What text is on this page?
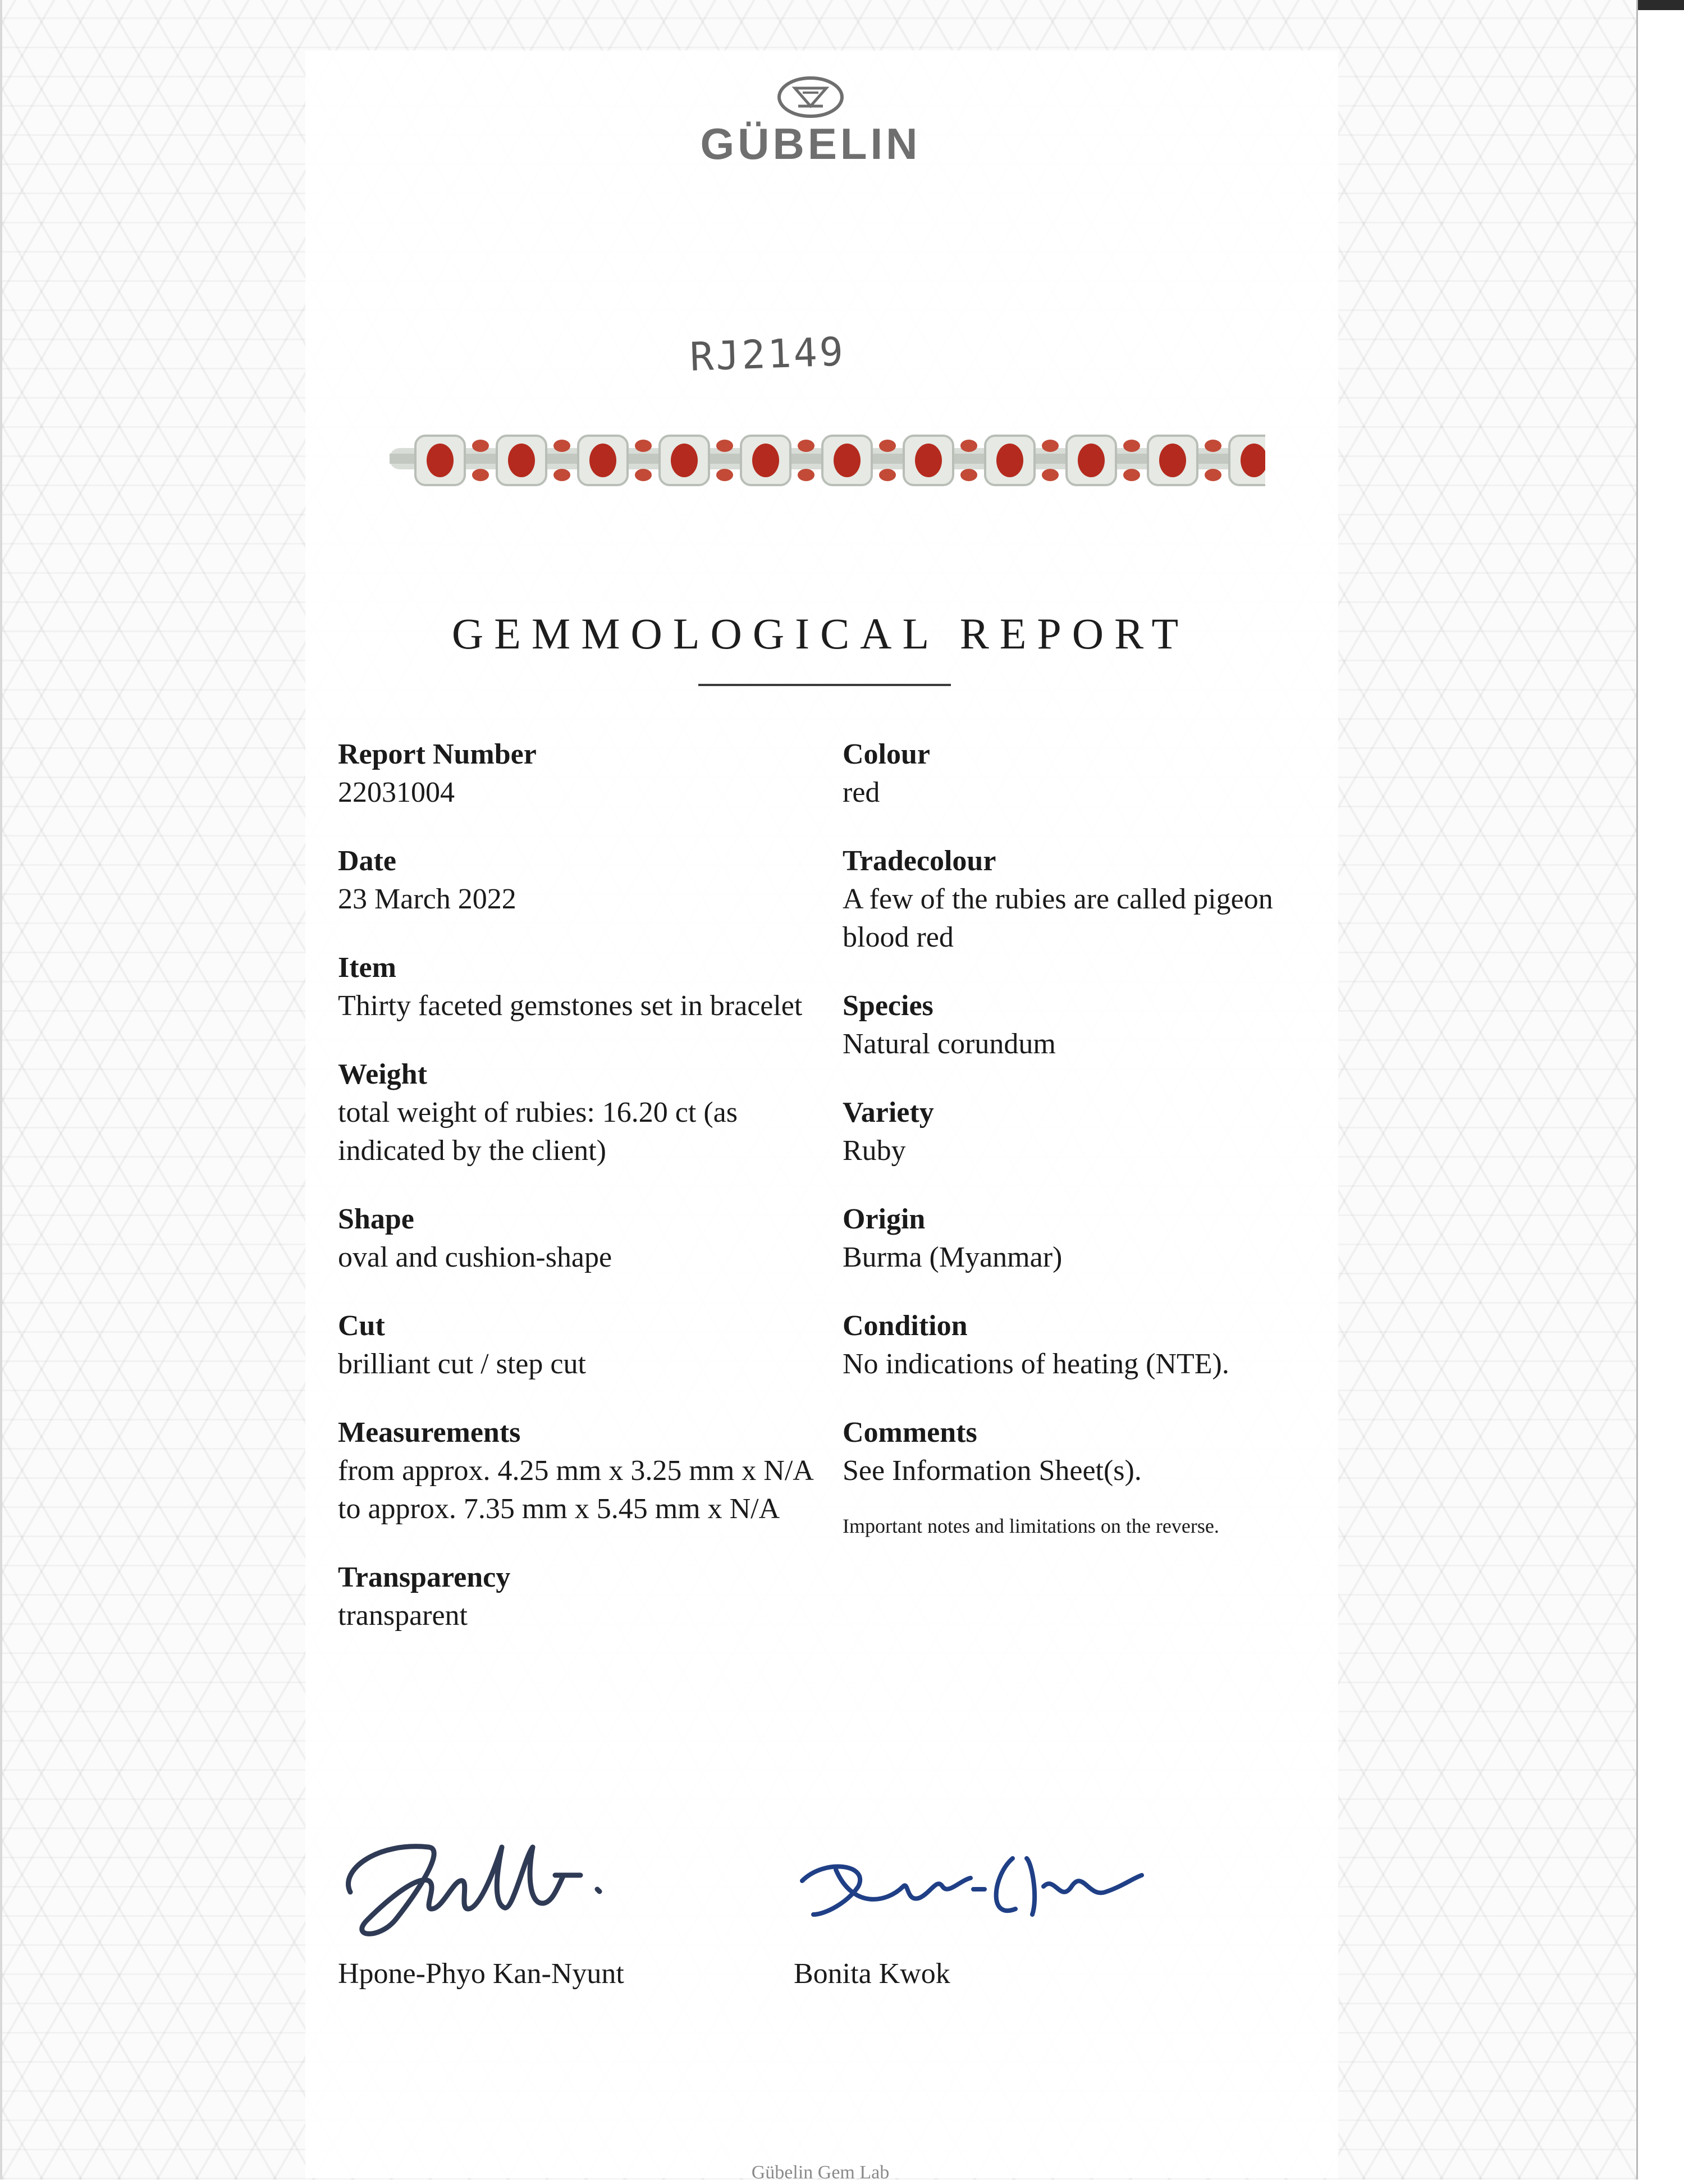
GÜBELIN
RJ2149
GEMMOLOGICAL REPORT
Report Number
22031004
Date
23 March 2022
Item
Thirty faceted gemstones set in bracelet
Weight
total weight of rubies: 16.20 ct (as indicated by the client)
Shape
oval and cushion-shape
Cut
brilliant cut / step cut
Measurements
from approx. 4.25 mm x 3.25 mm x N/A to approx. 7.35 mm x 5.45 mm x N/A
Transparency
transparent
Colour
red
Tradecolour
A few of the rubies are called pigeon blood red
Species
Natural corundum
Variety
Ruby
Origin
Burma (Myanmar)
Condition
No indications of heating (NTE).
Comments
See Information Sheet(s).
Important notes and limitations on the reverse.
Hpone-Phyo Kan-Nyunt	Bonita Kwok
Gübelin Gem Lab
